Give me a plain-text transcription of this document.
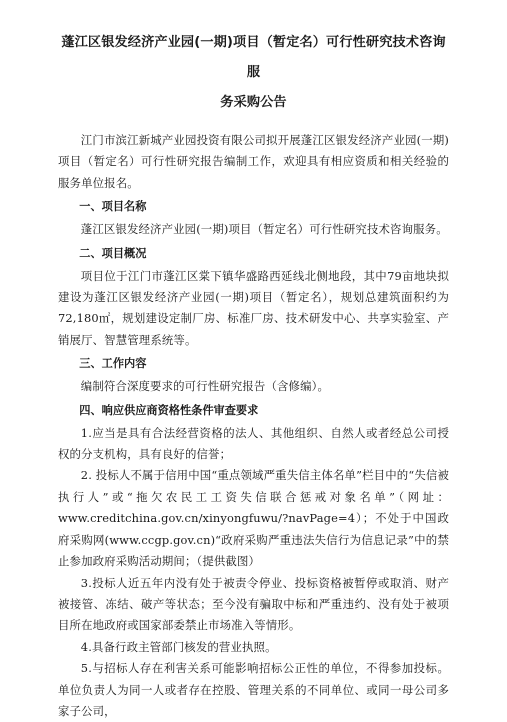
蓬江区银发经济产业园(一期)项目（暂定名）可行性研究技术咨询服
务采购公告

江门市滨江新城产业园投资有限公司拟开展蓬江区银发经济产业园(一期)项目（暂定名）可行性研究报告编制工作，欢迎具有相应资质和相关经验的服务单位报名。

一、项目名称

蓬江区银发经济产业园(一期)项目（暂定名）可行性研究技术咨询服务。

二、项目概况

项目位于江门市蓬江区棠下镇华盛路西延线北侧地段，其中79亩地块拟建设为蓬江区银发经济产业园(一期)项目（暂定名），规划总建筑面积约为72,180㎡，规划建设定制厂房、标准厂房、技术研发中心、共享实验室、产销展厅、智慧管理系统等。

三、工作内容

编制符合深度要求的可行性研究报告（含修编）。

四、响应供应商资格性条件审查要求

1.应当是具有合法经营资格的法人、其他组织、自然人或者经总公司授权的分支机构，具有良好的信誉；

2. 投标人不属于信用中国“重点领域严重失信主体名单”栏目中的“失信被执行人”或“拖欠农民工工资失信联合惩戒对象名单”（网址：www.creditchina.gov.cn/xinyongfuwu/?navPage=4）；不处于中国政府采购网(www.ccgp.gov.cn)“政府采购严重违法失信行为信息记录”中的禁止参加政府采购活动期间；（提供截图）

3.投标人近五年内没有处于被责令停业、投标资格被暂停或取消、财产被接管、冻结、破产等状态；至今没有骗取中标和严重违约、没有处于被项目所在地政府或国家部委禁止市场准入等情形。

4.具备行政主管部门核发的营业执照。

5.与招标人存在利害关系可能影响招标公正性的单位，不得参加投标。单位负责人为同一人或者存在控股、管理关系的不同单位、或同一母公司多家子公司，
